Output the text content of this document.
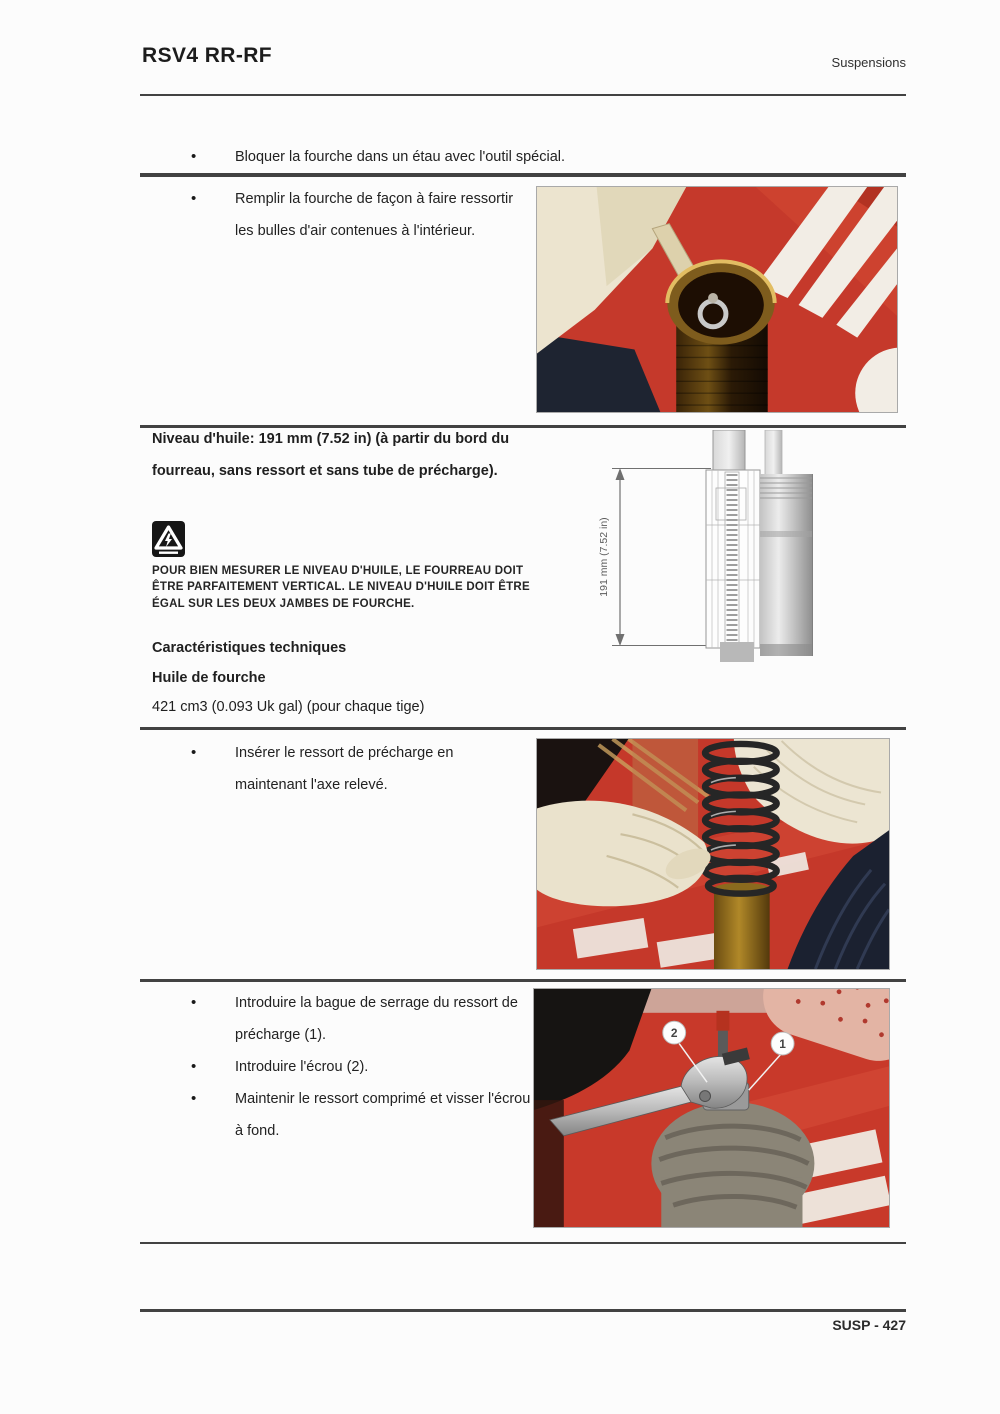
RSV4 RR-RF	Suspensions
• Bloquer la fourche dans un étau avec l'outil spécial.
• Remplir la fourche de façon à faire ressortir les bulles d'air contenues à l'intérieur.
Niveau d'huile: 191 mm (7.52 in) (à partir du bord du fourreau, sans ressort et sans tube de précharge).
POUR BIEN MESURER LE NIVEAU D'HUILE, LE FOURREAU DOIT ÊTRE PARFAITEMENT VERTICAL. LE NIVEAU D'HUILE DOIT ÊTRE ÉGAL SUR LES DEUX JAMBES DE FOURCHE.
Caractéristiques techniques
Huile de fourche
421 cm3 (0.093 Uk gal) (pour chaque tige)
191 mm (7.52 in)
• Insérer le ressort de précharge en maintenant l'axe relevé.
• Introduire la bague de serrage du ressort de précharge (1).
• Introduire l'écrou (2).
• Maintenir le ressort comprimé et visser l'écrou à fond.
2
1
SUSP - 427
